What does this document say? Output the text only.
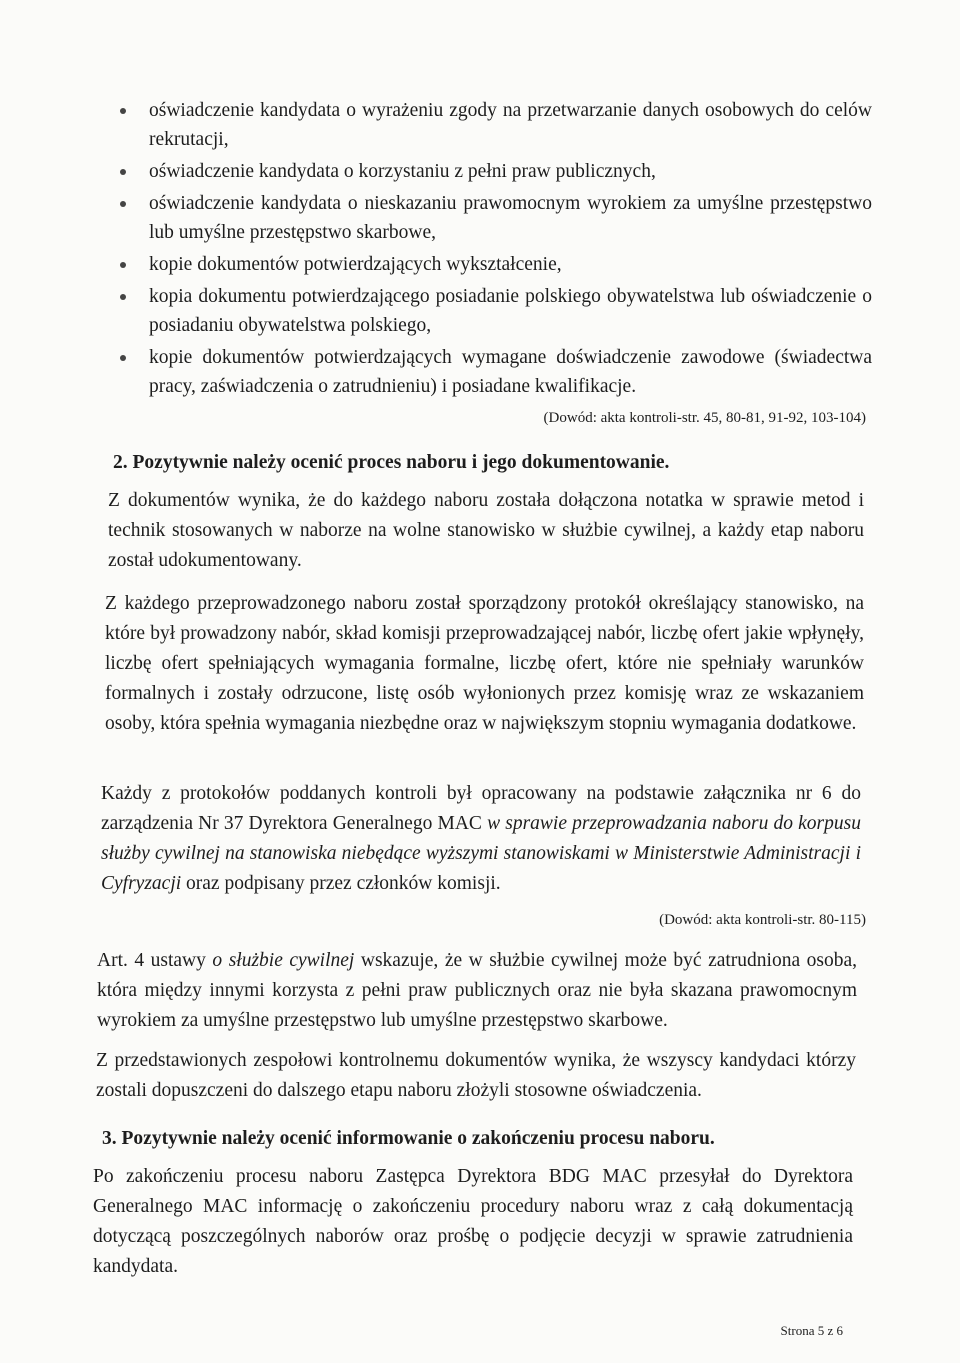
oświadczenie kandydata o wyrażeniu zgody na przetwarzanie danych osobowych do celów rekrutacji,
oświadczenie kandydata o korzystaniu z pełni praw publicznych,
oświadczenie kandydata o nieskazaniu prawomocnym wyrokiem za umyślne przestępstwo lub umyślne przestępstwo skarbowe,
kopie dokumentów potwierdzających wykształcenie,
kopia dokumentu potwierdzającego posiadanie polskiego obywatelstwa lub oświadczenie o posiadaniu obywatelstwa polskiego,
kopie dokumentów potwierdzających wymagane doświadczenie zawodowe (świadectwa pracy, zaświadczenia o zatrudnieniu) i posiadane kwalifikacje.
(Dowód: akta kontroli-str. 45, 80-81, 91-92, 103-104)
2. Pozytywnie należy ocenić proces naboru i jego dokumentowanie.

Z dokumentów wynika, że do każdego naboru została dołączona notatka w sprawie metod i technik stosowanych w naborze na wolne stanowisko w służbie cywilnej, a każdy etap naboru został udokumentowany.

Z każdego przeprowadzonego naboru został sporządzony protokół określający stanowisko, na które był prowadzony nabór, skład komisji przeprowadzającej nabór, liczbę ofert jakie wpłynęły, liczbę ofert spełniających wymagania formalne, liczbę ofert, które nie spełniały warunków formalnych i zostały odrzucone, listę osób wyłonionych przez komisję wraz ze wskazaniem osoby, która spełnia wymagania niezbędne oraz w największym stopniu wymagania dodatkowe.

Każdy z protokołów poddanych kontroli był opracowany na podstawie załącznika nr 6 do zarządzenia Nr 37 Dyrektora Generalnego MAC w sprawie przeprowadzania naboru do korpusu służby cywilnej na stanowiska niebędące wyższymi stanowiskami w Ministerstwie Administracji i Cyfryzacji oraz podpisany przez członków komisji.

(Dowód: akta kontroli-str. 80-115)

Art. 4 ustawy o służbie cywilnej wskazuje, że w służbie cywilnej może być zatrudniona osoba, która między innymi korzysta z pełni praw publicznych oraz nie była skazana prawomocnym wyrokiem za umyślne przestępstwo lub umyślne przestępstwo skarbowe.

Z przedstawionych zespołowi kontrolnemu dokumentów wynika, że wszyscy kandydaci którzy zostali dopuszczeni do dalszego etapu naboru złożyli stosowne oświadczenia.

3. Pozytywnie należy ocenić informowanie o zakończeniu procesu naboru.

Po zakończeniu procesu naboru Zastępca Dyrektora BDG MAC przesyłał do Dyrektora Generalnego MAC informację o zakończeniu procedury naboru wraz z całą dokumentacją dotyczącą poszczególnych naborów oraz prośbę o podjęcie decyzji w sprawie zatrudnienia kandydata.

Strona 5 z 6
